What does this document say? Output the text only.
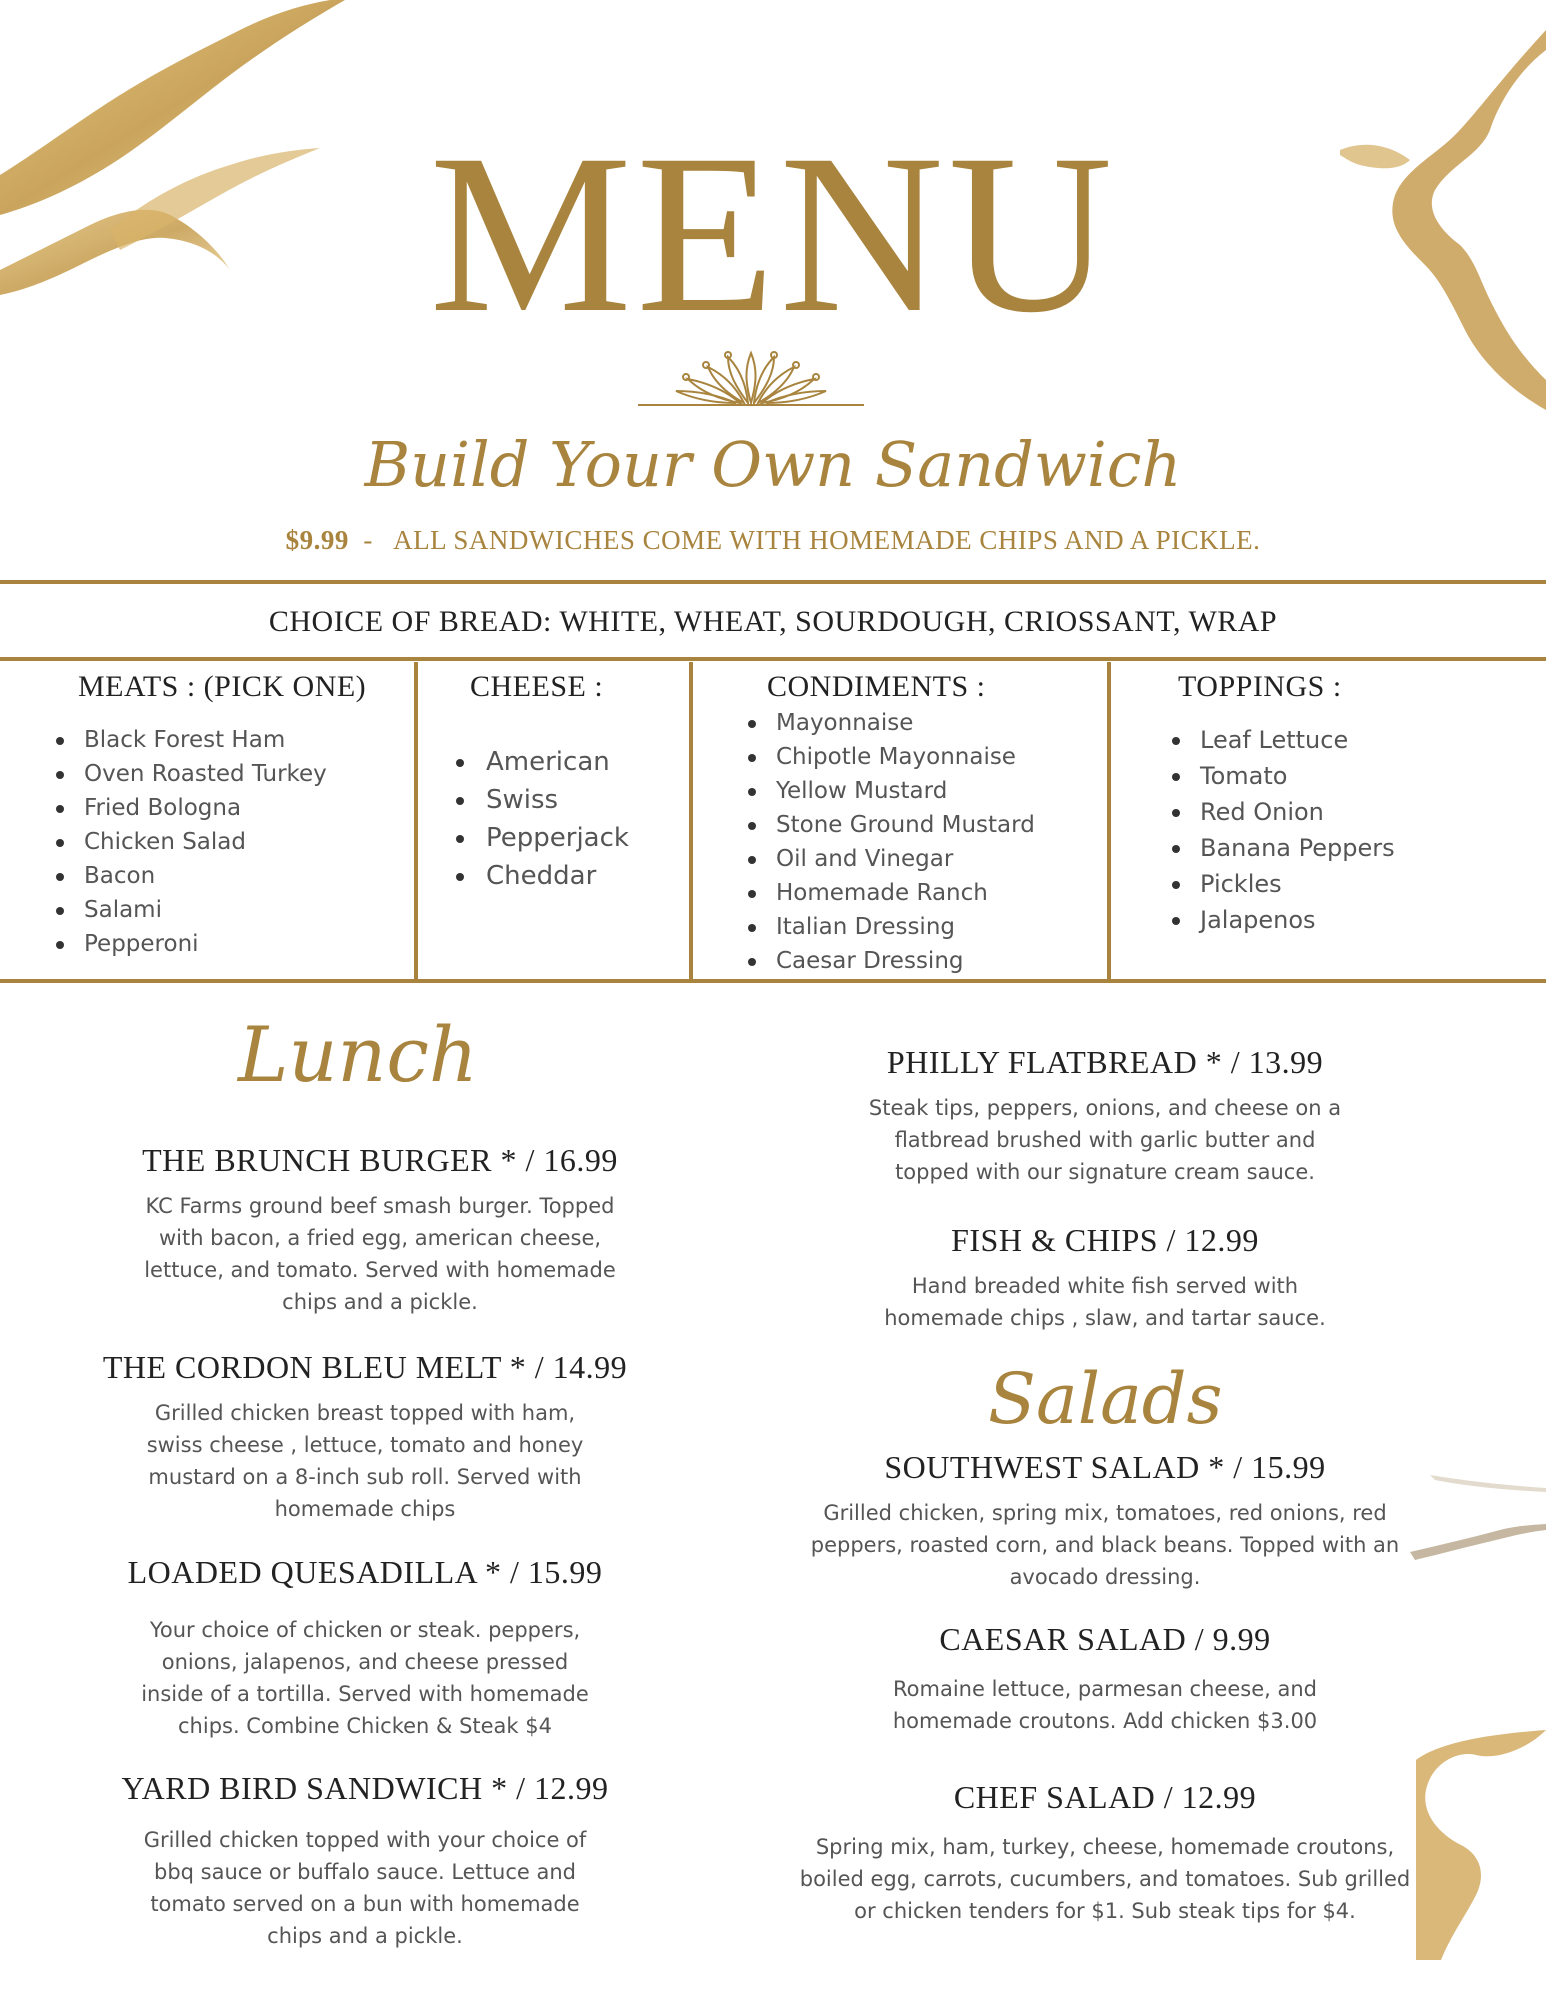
MENU
Build Your Own Sandwich
$9.99 - ALL SANDWICHES COME WITH HOMEMADE CHIPS AND A PICKLE.
CHOICE OF BREAD: WHITE, WHEAT, SOURDOUGH, CRIOSSANT, WRAP
MEATS : (PICK ONE)	CHEESE :	CONDIMENTS :	TOPPINGS :
Black Forest Ham
Oven Roasted Turkey
Fried Bologna
Chicken Salad
Bacon
Salami
Pepperoni
American
Swiss
Pepperjack
Cheddar
Mayonnaise
Chipotle Mayonnaise
Yellow Mustard
Stone Ground Mustard
Oil and Vinegar
Homemade Ranch
Italian Dressing
Caesar Dressing
Leaf Lettuce
Tomato
Red Onion
Banana Peppers
Pickles
Jalapenos
Lunch
THE BRUNCH BURGER * / 16.99
KC Farms ground beef smash burger. Topped
with bacon, a fried egg, american cheese,
lettuce, and tomato. Served with homemade
chips and a pickle.
THE CORDON BLEU MELT * / 14.99
Grilled chicken breast topped with ham,
swiss cheese , lettuce, tomato and honey
mustard on a 8-inch sub roll. Served with
homemade chips
LOADED QUESADILLA * / 15.99
Your choice of chicken or steak. peppers,
onions, jalapenos, and cheese pressed
inside of a tortilla. Served with homemade
chips. Combine Chicken & Steak $4
YARD BIRD SANDWICH * / 12.99
Grilled chicken topped with your choice of
bbq sauce or buffalo sauce. Lettuce and
tomato served on a bun with homemade
chips and a pickle.
PHILLY FLATBREAD * / 13.99
Steak tips, peppers, onions, and cheese on a
flatbread brushed with garlic butter and
topped with our signature cream sauce.
FISH & CHIPS / 12.99
Hand breaded white fish served with
homemade chips , slaw, and tartar sauce.
Salads
SOUTHWEST SALAD * / 15.99
Grilled chicken, spring mix, tomatoes, red onions, red
peppers, roasted corn, and black beans. Topped with an
avocado dressing.
CAESAR SALAD / 9.99
Romaine lettuce, parmesan cheese, and
homemade croutons. Add chicken $3.00
CHEF SALAD / 12.99
Spring mix, ham, turkey, cheese, homemade croutons,
boiled egg, carrots, cucumbers, and tomatoes. Sub grilled
or chicken tenders for $1. Sub steak tips for $4.
